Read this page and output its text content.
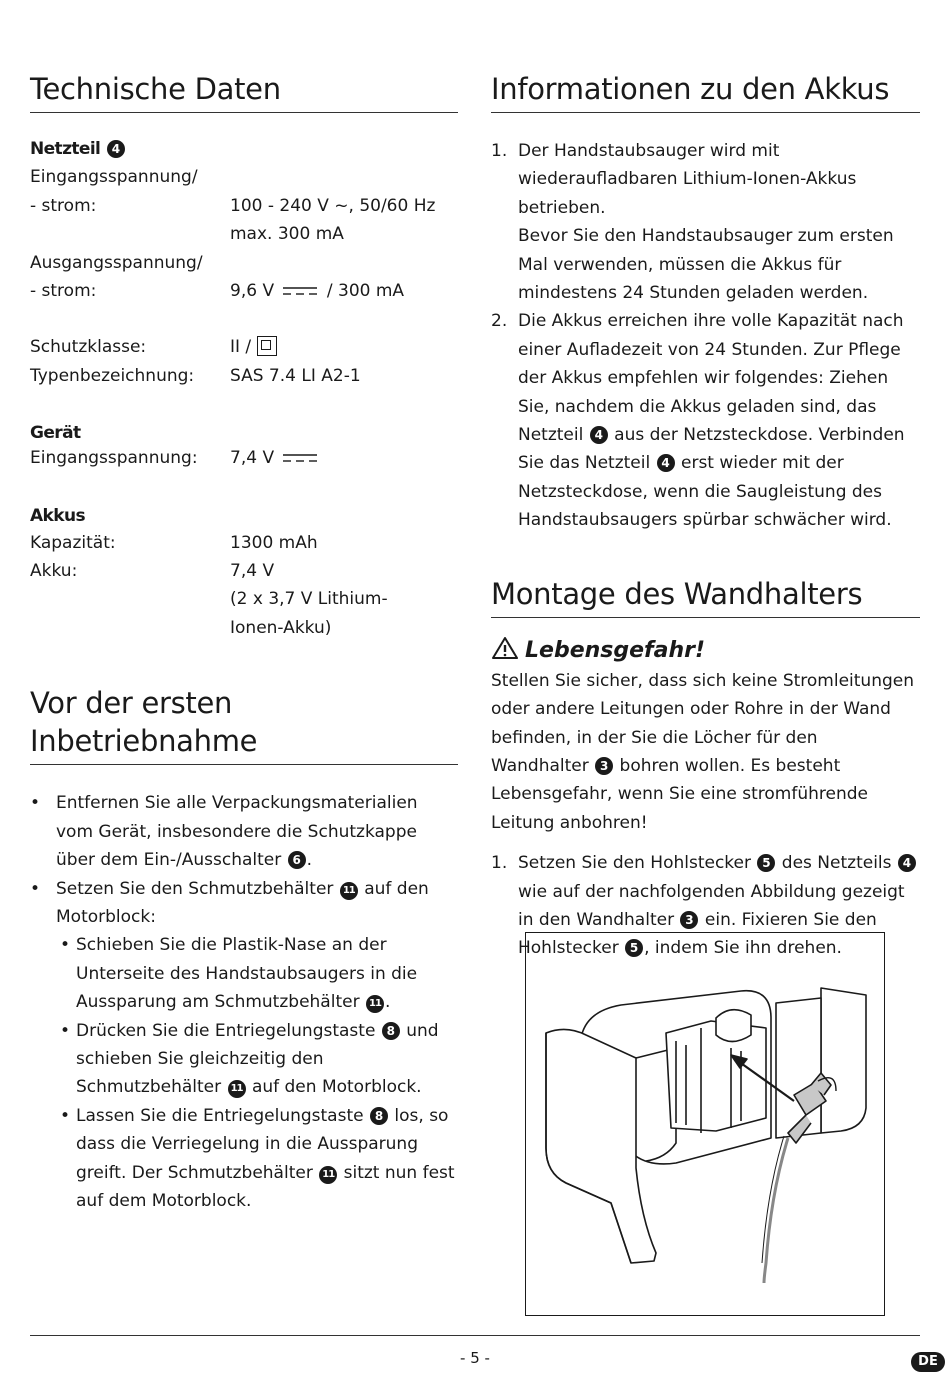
Technische Daten
Netzteil 4
Eingangsspannung/
- strom:	100 - 240 V ~, 50/60 Hz
max. 300 mA
Ausgangsspannung/
- strom:	9,6 V	/ 300 mA
Schutzklasse:	II /
Typenbezeichnung:	SAS 7.4 LI A2-1
Gerät
Eingangsspannung:	7,4 V
Akkus
Kapazität:	1300 mAh
Akku:	7,4 V
(2 x 3,7 V Lithium-
Ionen-Akku)
Vor der ersten Inbetriebnahme
• Entfernen Sie alle Verpackungsmaterialien vom Gerät, insbesondere die Schutzkappe über dem Ein-/Ausschalter 6 .
• Setzen Sie den Schmutzbehälter 11 auf den Motorblock:
• Schieben Sie die Plastik-Nase an der Unterseite des Handstaubsaugers in die Aussparung am Schmutzbehälter 11 .
• Drücken Sie die Entriegelungstaste 8 und schieben Sie gleichzeitig den Schmutzbehälter 11 auf den Motorblock.
• Lassen Sie die Entriegelungstaste 8 los, so dass die Verriegelung in die Aussparung greift. Der Schmutzbehälter 11 sitzt nun fest auf dem Motorblock.
Informationen zu den Akkus
1. Der Handstaubsauger wird mit wiederaufladbaren Lithium-Ionen-Akkus betrieben.
Bevor Sie den Handstaubsauger zum ersten Mal verwenden, müssen die Akkus für mindestens 24 Stunden geladen werden.
2. Die Akkus erreichen ihre volle Kapazität nach einer Aufladezeit von 24 Stunden. Zur Pflege der Akkus empfehlen wir folgendes: Ziehen Sie, nachdem die Akkus geladen sind, das Netzteil 4 aus der Netzsteckdose. Verbinden Sie das Netzteil 4 erst wieder mit der Netzsteckdose, wenn die Saugleistung des Handstaubsaugers spürbar schwächer wird.
Montage des Wandhalters
Lebensgefahr!
Stellen Sie sicher, dass sich keine Stromleitungen oder andere Leitungen oder Rohre in der Wand befinden, in der Sie die Löcher für den Wandhalter 3 bohren wollen. Es besteht Lebensgefahr, wenn Sie eine stromführende Leitung anbohren!
1. Setzen Sie den Hohlstecker 5 des Netzteils 4 wie auf der nachfolgenden Abbildung gezeigt in den Wandhalter 3 ein. Fixieren Sie den Hohlstecker 5 , indem Sie ihn drehen.
- 5 -	DE
